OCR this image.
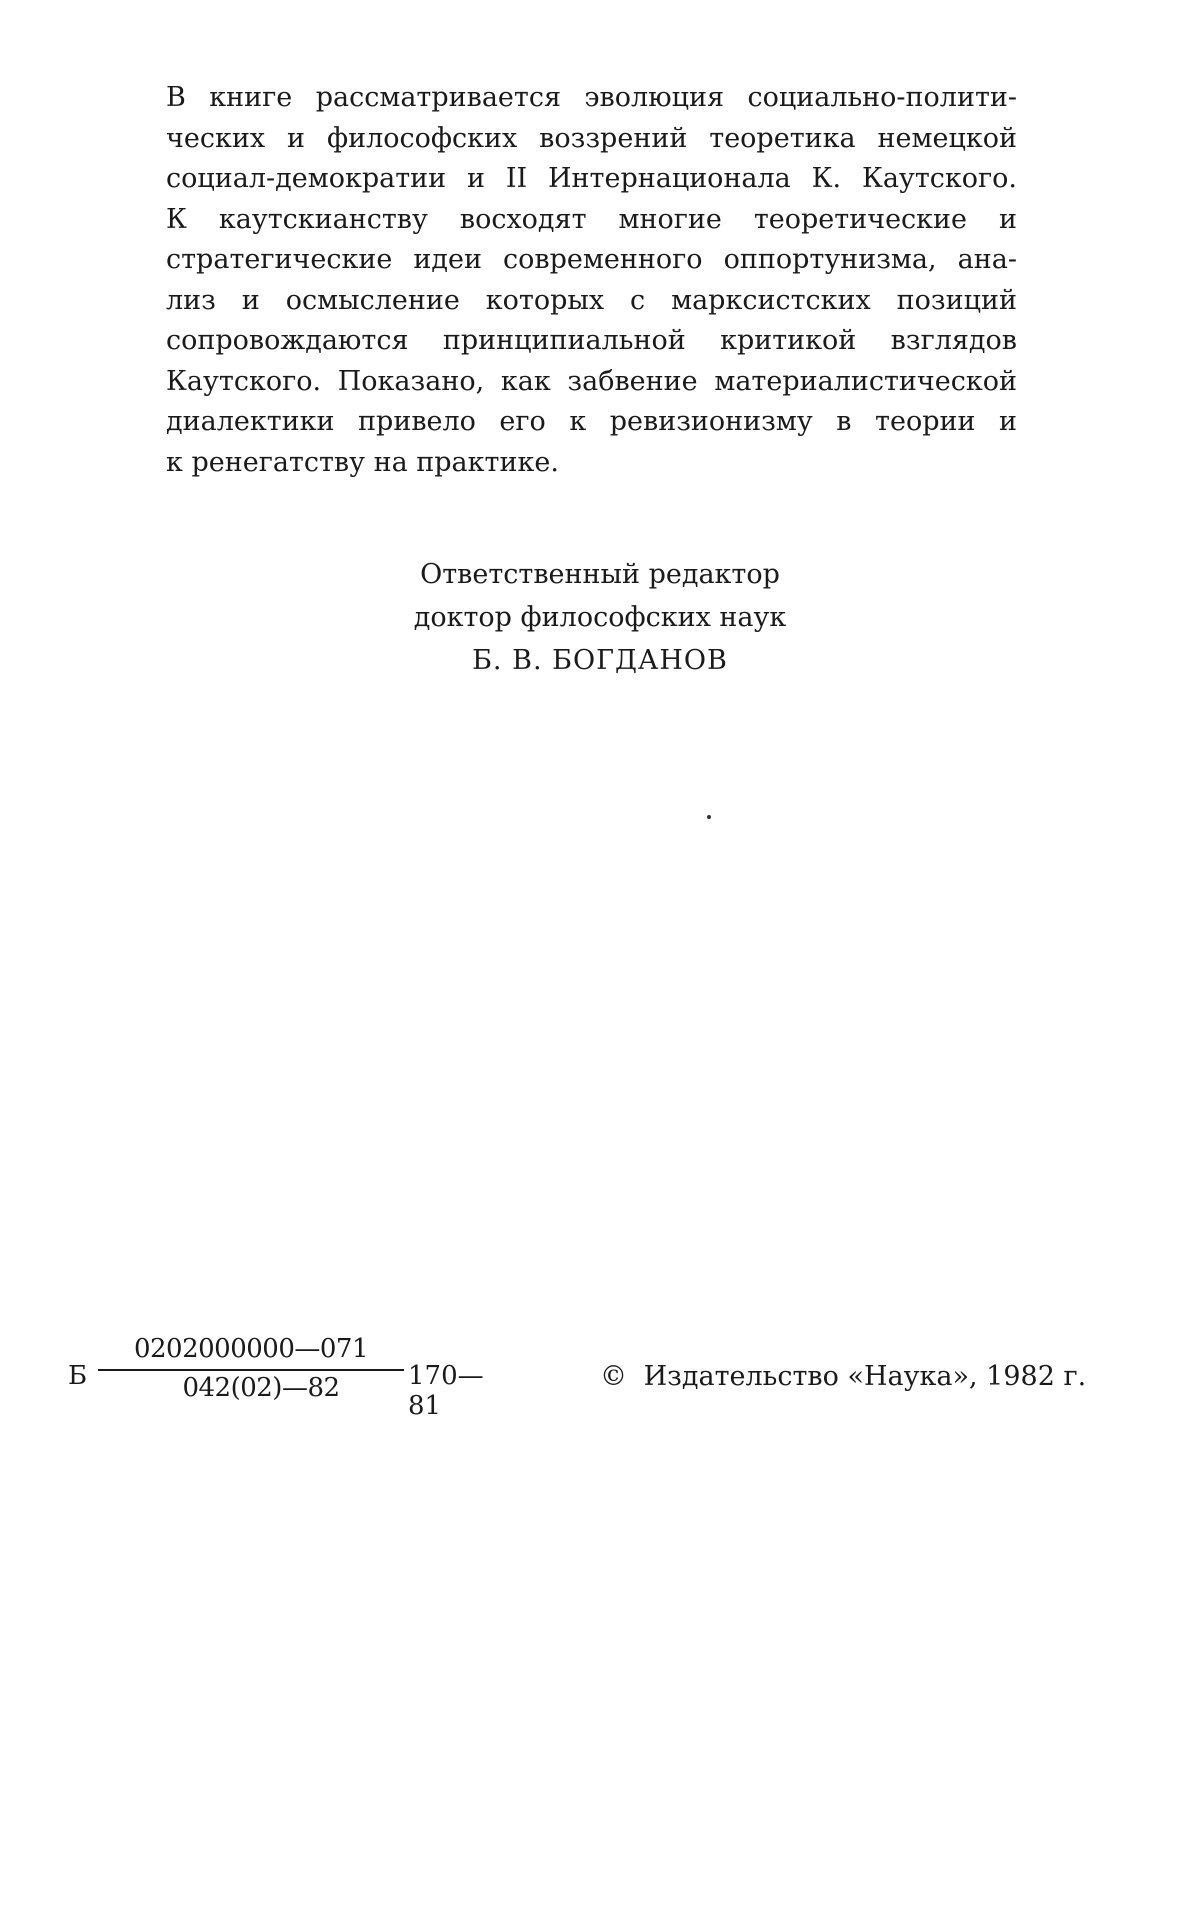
В книге рассматривается эволюция социально-полити-
ческих и философских воззрений теоретика немецкой
социал-демократии и II Интернационала К. Каутского.
К каутскианству восходят многие теоретические и
стратегические идеи современного оппортунизма, ана-
лиз и осмысление которых с марксистских позиций
сопровождаются принципиальной критикой взглядов
Каутского. Показано, как забвение материалистической
диалектики привело его к ревизионизму в теории и
к ренегатству на практике.
Ответственный редактор
доктор философских наук
Б. В. БОГДАНОВ
Б
0202000000—071
042(02)—82	170—81
© Издательство «Наука», 1982 г.
